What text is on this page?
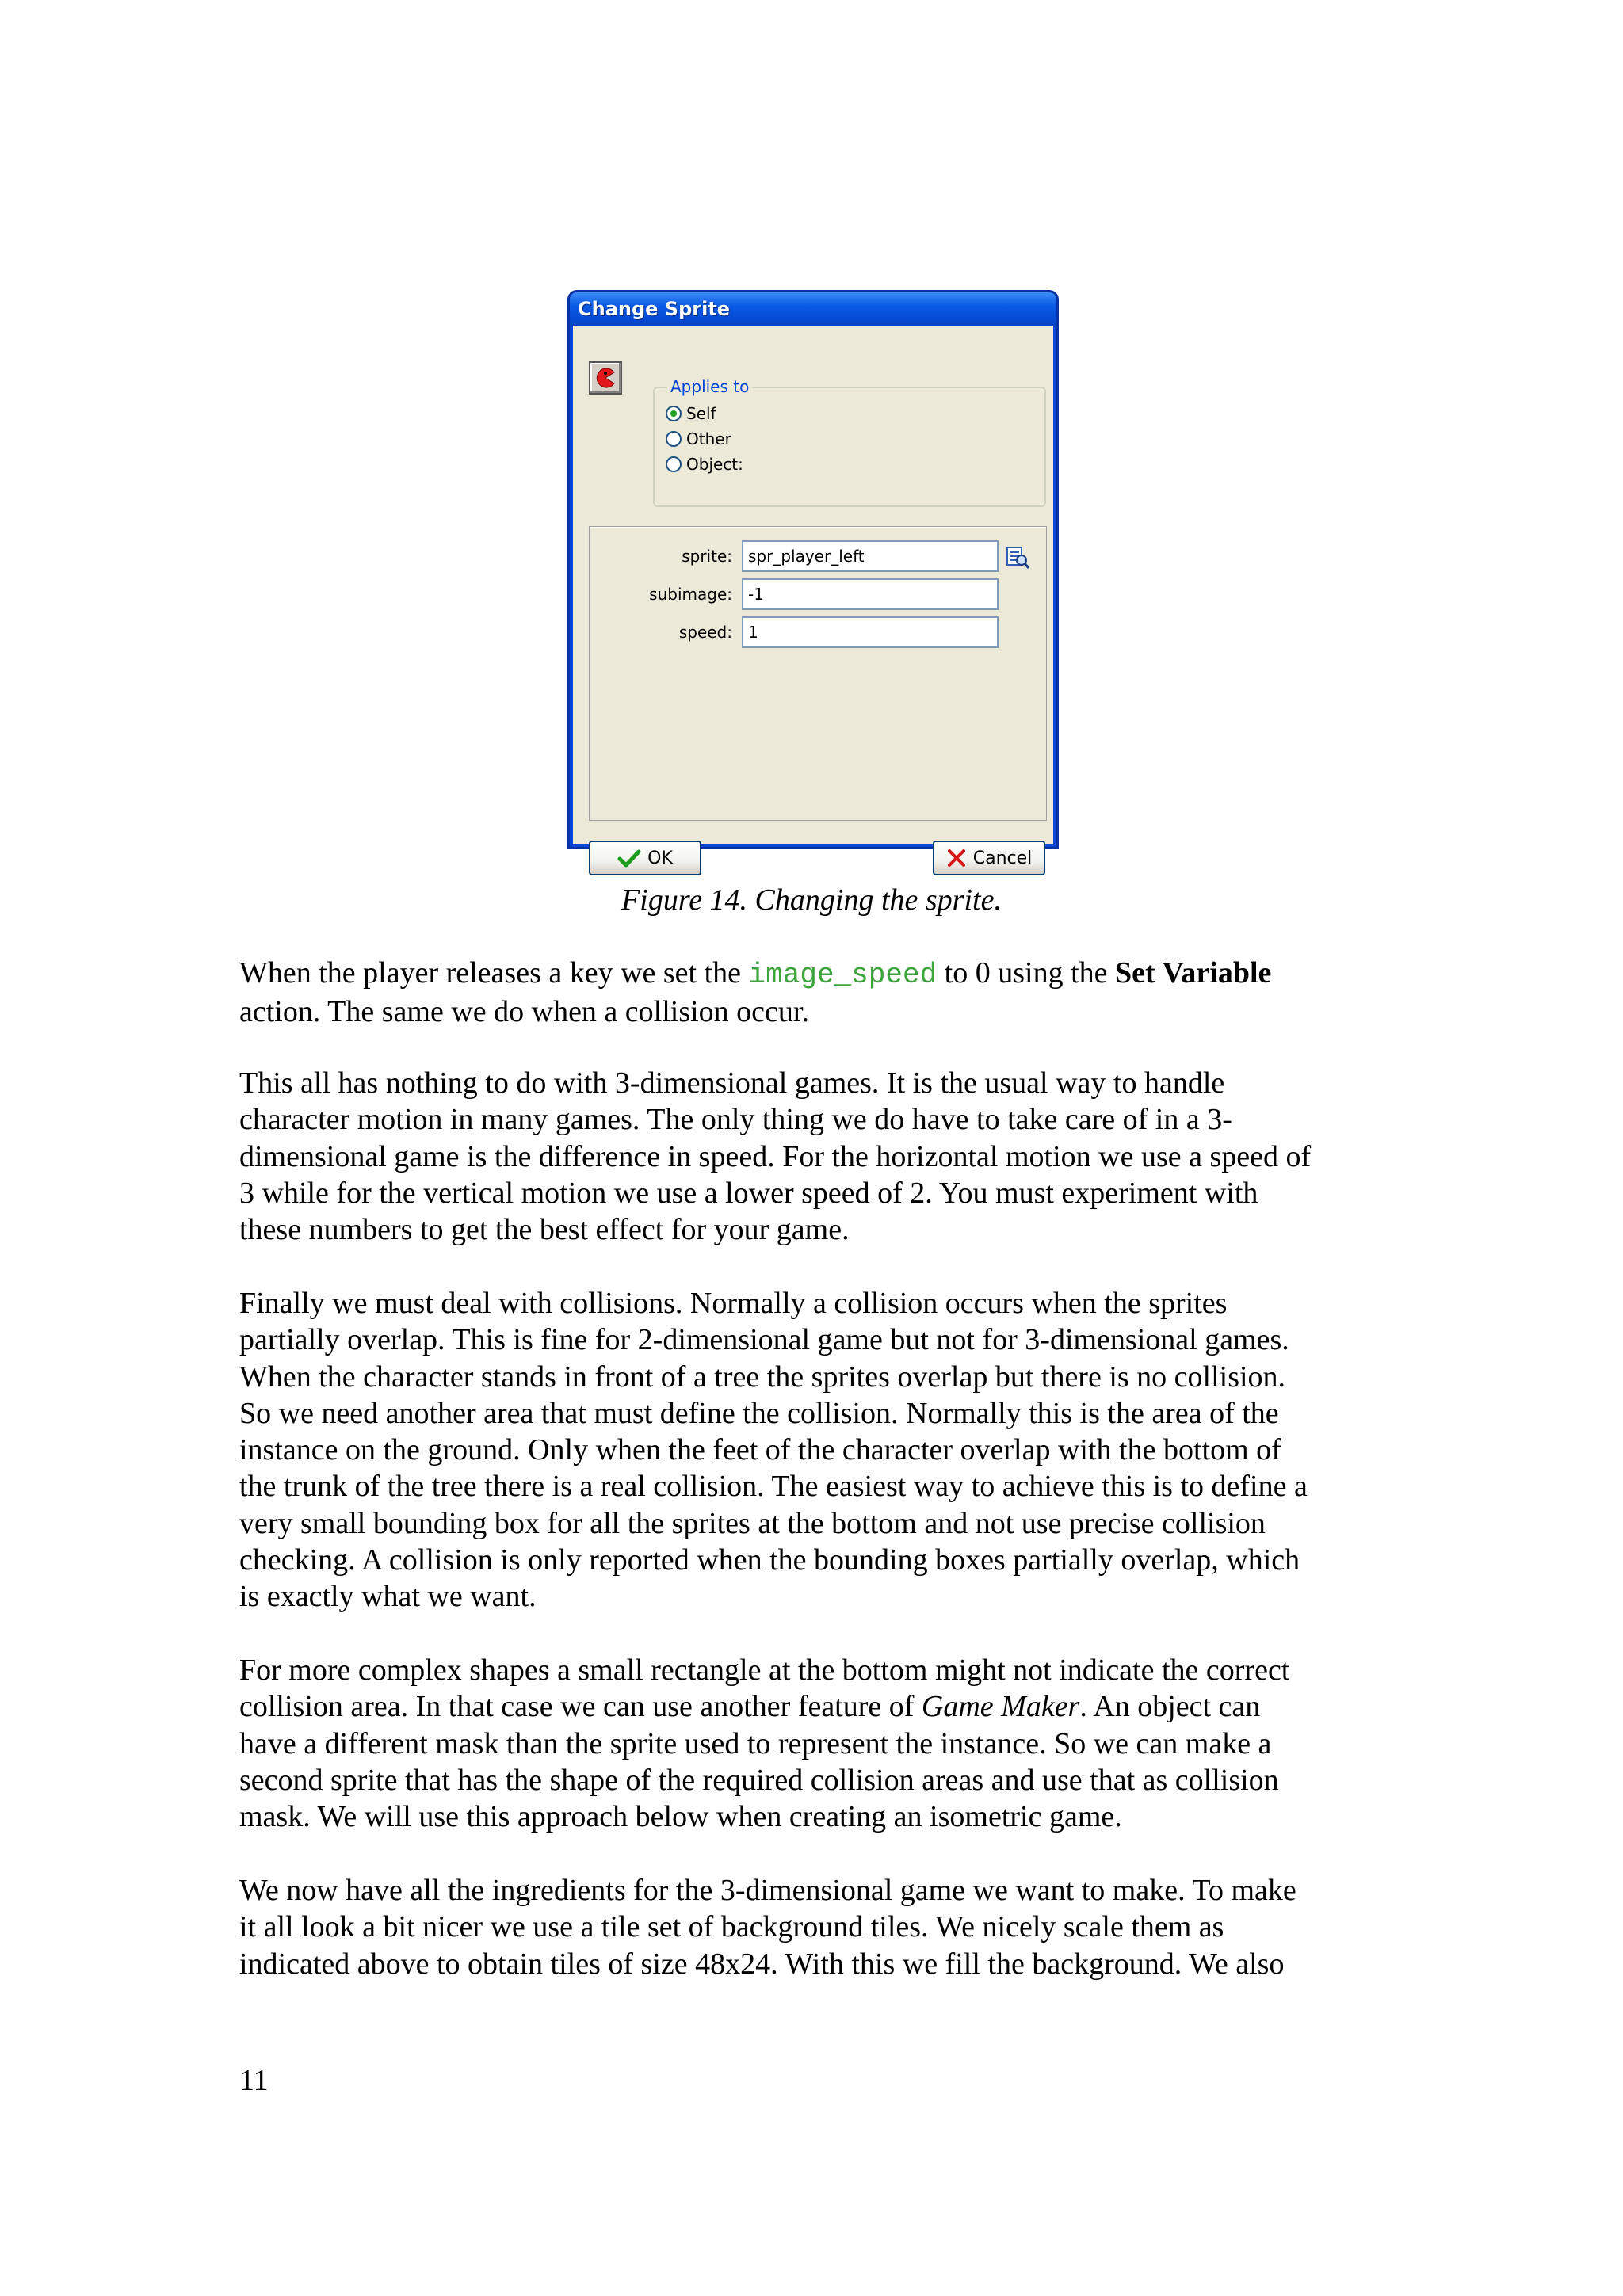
Change Sprite
Applies to
Self
Other
Object:
sprite:	spr_player_left
subimage:	-1
speed:	1
OK	Cancel
Figure 14. Changing the sprite.

When the player releases a key we set the image_speed to 0 using the Set Variable
action. The same we do when a collision occur.

This all has nothing to do with 3-dimensional games. It is the usual way to handle
character motion in many games. The only thing we do have to take care of in a 3-
dimensional game is the difference in speed. For the horizontal motion we use a speed of
3 while for the vertical motion we use a lower speed of 2. You must experiment with
these numbers to get the best effect for your game.

Finally we must deal with collisions. Normally a collision occurs when the sprites
partially overlap. This is fine for 2-dimensional game but not for 3-dimensional games.
When the character stands in front of a tree the sprites overlap but there is no collision.
So we need another area that must define the collision. Normally this is the area of the
instance on the ground. Only when the feet of the character overlap with the bottom of
the trunk of the tree there is a real collision. The easiest way to achieve this is to define a
very small bounding box for all the sprites at the bottom and not use precise collision
checking. A collision is only reported when the bounding boxes partially overlap, which
is exactly what we want.

For more complex shapes a small rectangle at the bottom might not indicate the correct
collision area. In that case we can use another feature of Game Maker. An object can
have a different mask than the sprite used to represent the instance. So we can make a
second sprite that has the shape of the required collision areas and use that as collision
mask. We will use this approach below when creating an isometric game.

We now have all the ingredients for the 3-dimensional game we want to make. To make
it all look a bit nicer we use a tile set of background tiles. We nicely scale them as
indicated above to obtain tiles of size 48x24. With this we fill the background. We also

11
